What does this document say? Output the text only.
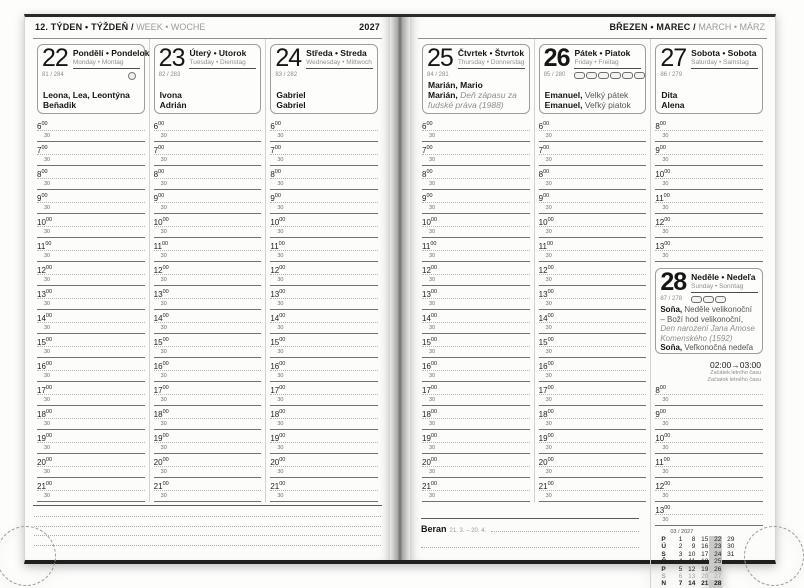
12. TÝDEN • TÝŽDEŇ / WEEK • WOCHE	2027
22 Pondělí • Pondelok
Monday • Montag
81 / 284
Leona, Lea, Leontýna
Beňadik
$6^{00}$
30
$7^{00}$
30
$8^{00}$
30
$9^{00}$
30
$10^{00}$
30
$11^{00}$
30
$12^{00}$
30
$13^{00}$
30
$14^{00}$
30
$15^{00}$
30
$16^{00}$
30
$17^{00}$
30
$18^{00}$
30
$19^{00}$
30
$20^{00}$
30
$21^{00}$
30
23 Úterý • Utorok
Tuesday • Dienstag
82 / 283
Ivona
Adrián
$6^{00}$
30
$7^{00}$
30
$8^{00}$
30
$9^{00}$
30
$10^{00}$
30
$11^{00}$
30
$12^{00}$
30
$13^{00}$
30
$14^{00}$
30
$15^{00}$
30
$16^{00}$
30
$17^{00}$
30
$18^{00}$
30
$19^{00}$
30
$20^{00}$
30
$21^{00}$
30
24 Středa • Streda
Wednesday • Mittwoch
83 / 282
Gabriel
Gabriel
$6^{00}$
30
$7^{00}$
30
$8^{00}$
30
$9^{00}$
30
$10^{00}$
30
$11^{00}$
30
$12^{00}$
30
$13^{00}$
30
$14^{00}$
30
$15^{00}$
30
$16^{00}$
30
$17^{00}$
30
$18^{00}$
30
$19^{00}$
30
$20^{00}$
30
$21^{00}$
30
BŘEZEN • MAREC / MARCH • MÄRZ
25 Čtvrtek • Štvrtok
Thursday • Donnerstag
84 / 281
Marián, Mario
Marián, Deň zápasu za ľudské práva (1988)
$6^{00}$
30
$7^{00}$
30
$8^{00}$
30
$9^{00}$
30
$10^{00}$
30
$11^{00}$
30
$12^{00}$
30
$13^{00}$
30
$14^{00}$
30
$15^{00}$
30
$16^{00}$
30
$17^{00}$
30
$18^{00}$
30
$19^{00}$
30
$20^{00}$
30
$21^{00}$
30
26 Pátek • Piatok
Friday • Freitag
85 / 280
Emanuel, Velký pátek
Emanuel, Veľký piatok
$6^{00}$
30
$7^{00}$
30
$8^{00}$
30
$9^{00}$
30
$10^{00}$
30
$11^{00}$
30
$12^{00}$
30
$13^{00}$
30
$14^{00}$
30
$15^{00}$
30
$16^{00}$
30
$17^{00}$
30
$18^{00}$
30
$19^{00}$
30
$20^{00}$
30
$21^{00}$
30
27 Sobota • Sobota
Saturday • Samstag
86 / 279
Dita
Alena
$8^{00}$
30
$9^{00}$
30
$10^{00}$
30
$11^{00}$
30
$12^{00}$
30
$13^{00}$
30
28 Neděle • Nedeľa
Sunday • Sonntag
87 / 278
Soňa, Neděle velikonoční – Boží hod velikonoční, Den narození Jana Amose Komenského (1592)
Soňa, Veľkonočná nedeľa
02:00→03:00
Začátek letního času
Začiatok letného času
$8^{00}$
30
$9^{00}$
30
$10^{00}$
30
$11^{00}$
30
$12^{00}$
30
$13^{00}$
30
03 / 2027
P	1	8 15 22 29
Ú	2	9 16 23 30
S	3 10 17 24 31
Č	4 11 18 25
P	5 12 19 26
S	6 13 20 27
N	7 14 21 28
Beran 21. 3. – 20. 4.
